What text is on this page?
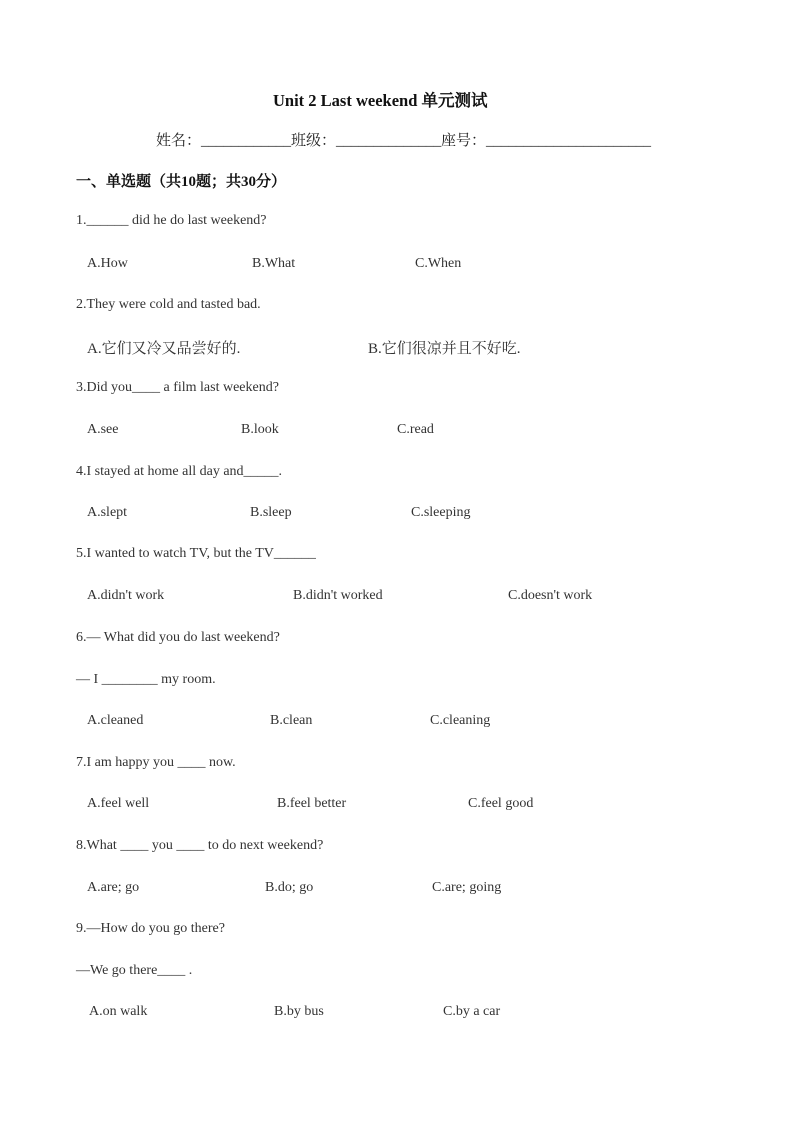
Unit 2 Last weekend 单元测试
姓名：____________班级：______________座号：______________________
一、单选题（共10题；共30分）
1.______ did he do last weekend?
A.How	B.What	C.When
2.They were cold and tasted bad.
A.它们又冷又品尝好的.	B.它们很凉并且不好吃.
3.Did you____ a film last weekend?
A.see	B.look	C.read
4.I stayed at home all day and_____.
A.slept	B.sleep	C.sleeping
5.I wanted to watch TV, but the TV______
A.didn't work	B.didn't worked	C.doesn't work
6.— What did you do last weekend?
— I ________ my room.
A.cleaned	B.clean	C.cleaning
7.I am happy you ____ now.
A.feel well	B.feel better	C.feel good
8.What ____ you ____ to do next weekend?
A.are; go	B.do; go	C.are; going
9.—How do you go there?
—We go there____ .
A.on walk	B.by bus	C.by a car
